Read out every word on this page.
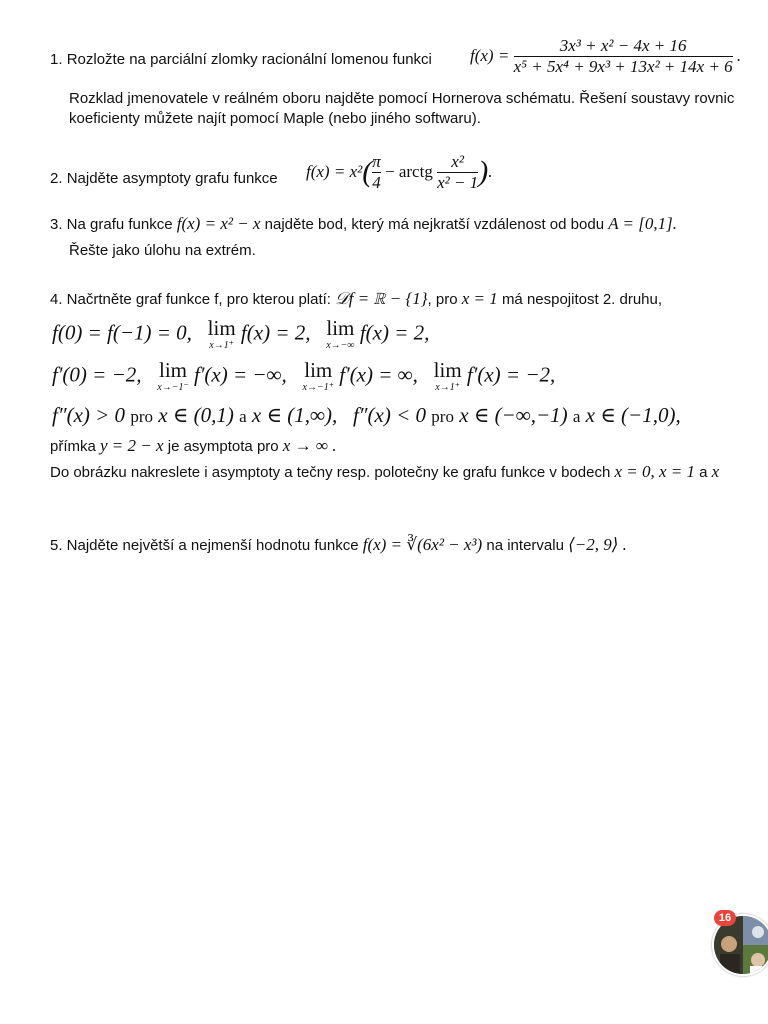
1. Rozložte na parciální zlomky racionální lomenou funkci $f(x) = \frac{\text{3x³ + x² − 4x + 16}}{\text{x⁵ + 5x⁴ + 9x³ + 13x² + 14x + 6}}$ .
Rozklad jmenovatele v reálném oboru najděte pomocí Hornerova schématu. Řešení soustavy rovnic
koeficienty můžete najít pomocí Maple (nebo jiného softwaru).
2. Najděte asymptoty grafu funkce $f(x) = x^2( \frac{\pi}{4}$ − arctg $\frac{\text{x²}}{\text{x² − 1}}$ ).
3. Na grafu funkce f(x) = x² − x najděte bod, který má nejkratší vzdálenost od bodu A = [0,1].
Řešte jako úlohu na extrém.
4. Načrtněte graf funkce f, pro kterou platí: 𝒟f = ℝ − {1}, pro x = 1 má nespojitost 2. druhu,
f(0) = f(−1) = 0, lim
x→1⁺
f(x) = 2, lim
x→−∞
f(x) = 2,
f′(0) = −2, lim
x→−1⁻
f′(x) = −∞, lim
x→−1⁺
f′(x) = ∞, lim
x→1⁺
f′(x) = −2,
f″(x) > 0 pro x ∈ (0,1) a x ∈ (1,∞), f″(x) < 0 pro x ∈ (−∞,−1) a x ∈ (−1,0),
přímka y = 2 − x je asymptota pro x → ∞ .
Do obrázku nakreslete i asymptoty a tečny resp. polotečny ke grafu funkce v bodech x = 0, x = 1 a x
5. Najděte největší a nejmenší hodnotu funkce f(x) = ∛(6x² − x³) na intervalu ⟨−2, 9⟩ .
16
